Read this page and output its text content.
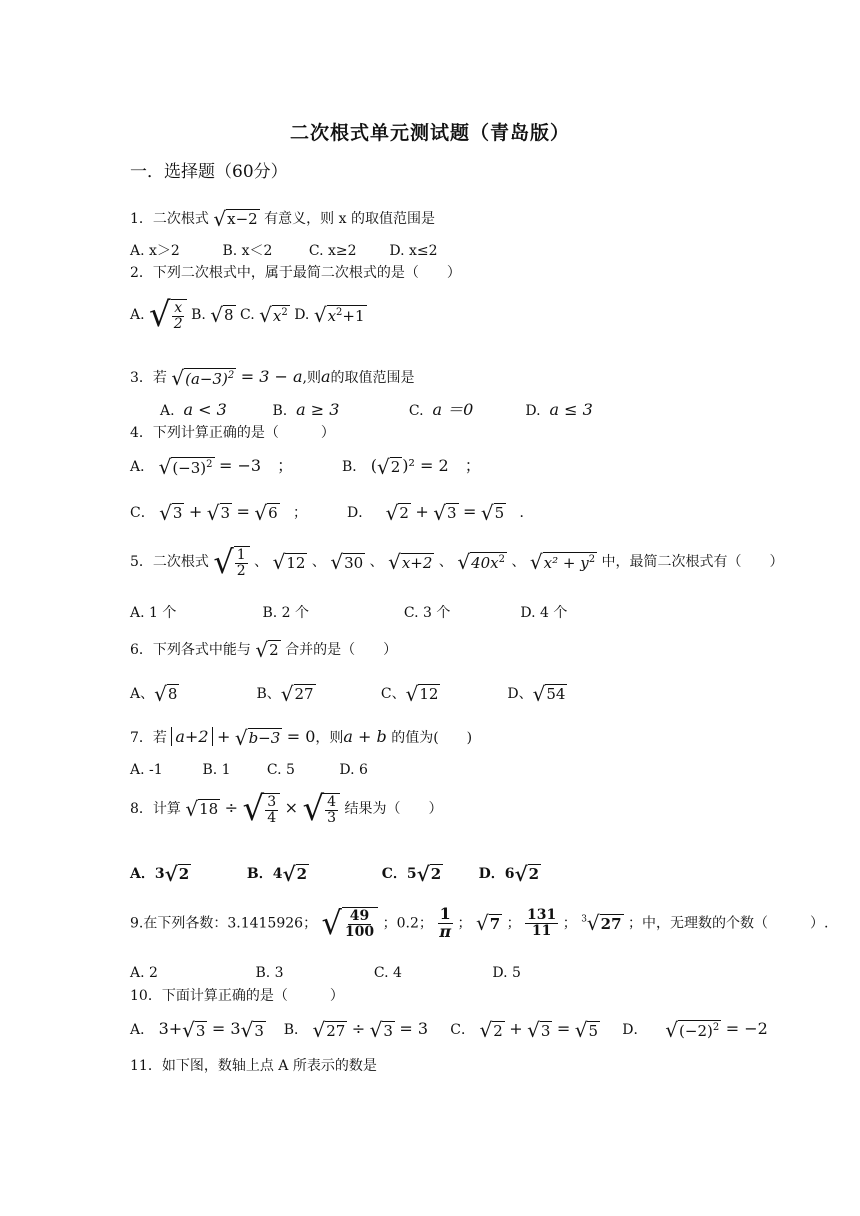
二次根式单元测试题（青岛版）
一．选择题（60分）
1．二次根式 √x−2 有意义，则 x 的取值范围是
A. x＞2	B. x＜2	C. x≥2 D. x≤2
2．下列二次根式中，属于最简二次根式的是（　　）
A. √ $\frac{x}{2} B$. √8 C. $√x^2$ D. $√x^2+1$
3．若 $√(a-3)^2 = 3 - a$,则a的取值范围是
A. a < 3	B. a ≥ 3	C. a ＝0	D. a ≤ 3
4．下列计算正确的是（　　　）
A． $√(-3)^2 = -3$　；	B． (√2 )² = 2　；
C． √3 + √3 = √6 ；	D． √2 + √3 = √5 ．
5．二次根式 √ $\frac{1}{2}$ 、 √12 、 √30 、 √x+2 、 $√40x^2$ 、 $√x^2 + y^2$ 中，最简二次根式有（　　）
A. 1 个	B. 2 个	C. 3 个	D. 4 个
6．下列各式中能与 √2 合并的是（　　）
A、√8	B、√27	C、√12	D、√54
7．若 a+2 + √b−3 = 0，则a + b 的值为(　　)
A. -1	B. 1	C. 5	D. 6
8．计算 √18 ÷ √ $\frac{3}{4}$ × √ $\frac{4}{3}$ 结果为（　　）
A．3√2	B．4√2	C．5√2	D．6√2
9.在下列各数：3.1415926； √ $\frac{49}{100}$ ；0.2； $\frac{1}{\pi}$ ； √7 ； $\frac{131}{11}$ ； $^3$√27 ；中，无理数的个数（　　　）.
A. 2	B. 3	C. 4	D. 5
10．下面计算正确的是（　　　）
A． 3+√3 = 3√3 B． √27 ÷ √3 = 3 C． √2 + √3 = √5 D． $√(-2)^2 = -2$
11．如下图，数轴上点 A 所表示的数是
